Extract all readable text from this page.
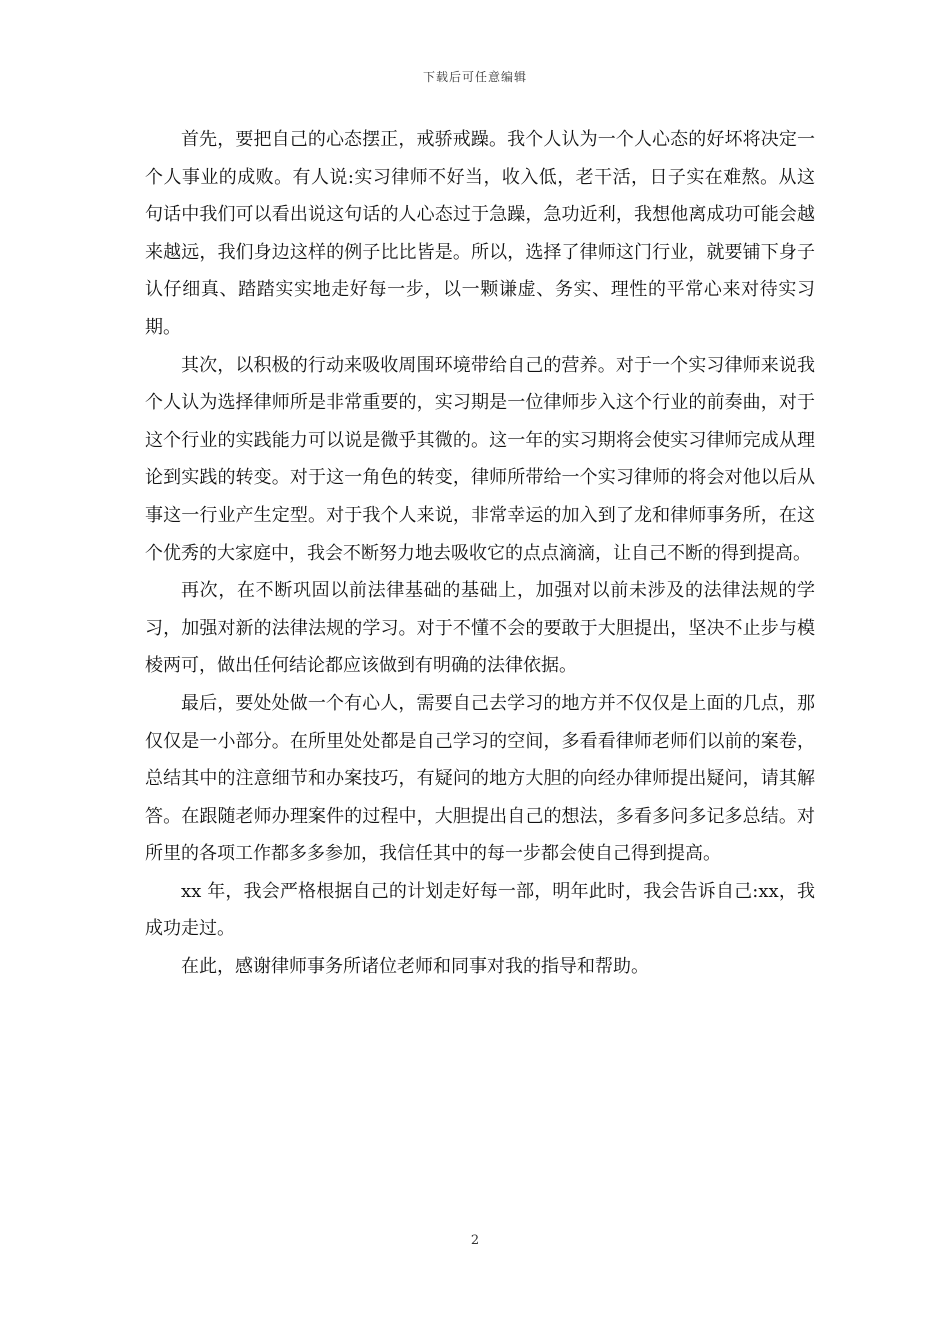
下载后可任意编辑

首先，要把自己的心态摆正，戒骄戒躁。我个人认为一个人心态的好坏将决定一个人事业的成败。有人说:实习律师不好当，收入低，老干活，日子实在难熬。从这句话中我们可以看出说这句话的人心态过于急躁，急功近利，我想他离成功可能会越来越远，我们身边这样的例子比比皆是。所以，选择了律师这门行业，就要铺下身子认仔细真、踏踏实实地走好每一步，以一颗谦虚、务实、理性的平常心来对待实习期。

其次，以积极的行动来吸收周围环境带给自己的营养。对于一个实习律师来说我个人认为选择律师所是非常重要的，实习期是一位律师步入这个行业的前奏曲，对于这个行业的实践能力可以说是微乎其微的。这一年的实习期将会使实习律师完成从理论到实践的转变。对于这一角色的转变，律师所带给一个实习律师的将会对他以后从事这一行业产生定型。对于我个人来说，非常幸运的加入到了龙和律师事务所，在这个优秀的大家庭中，我会不断努力地去吸收它的点点滴滴，让自己不断的得到提高。

再次，在不断巩固以前法律基础的基础上，加强对以前未涉及的法律法规的学习，加强对新的法律法规的学习。对于不懂不会的要敢于大胆提出，坚决不止步与模棱两可，做出任何结论都应该做到有明确的法律依据。

最后，要处处做一个有心人，需要自己去学习的地方并不仅仅是上面的几点，那仅仅是一小部分。在所里处处都是自己学习的空间，多看看律师老师们以前的案卷，总结其中的注意细节和办案技巧，有疑问的地方大胆的向经办律师提出疑问，请其解答。在跟随老师办理案件的过程中，大胆提出自己的想法，多看多问多记多总结。对所里的各项工作都多多参加，我信任其中的每一步都会使自己得到提高。

xx 年，我会严格根据自己的计划走好每一部，明年此时，我会告诉自己:xx，我成功走过。

在此，感谢律师事务所诸位老师和同事对我的指导和帮助。

2
